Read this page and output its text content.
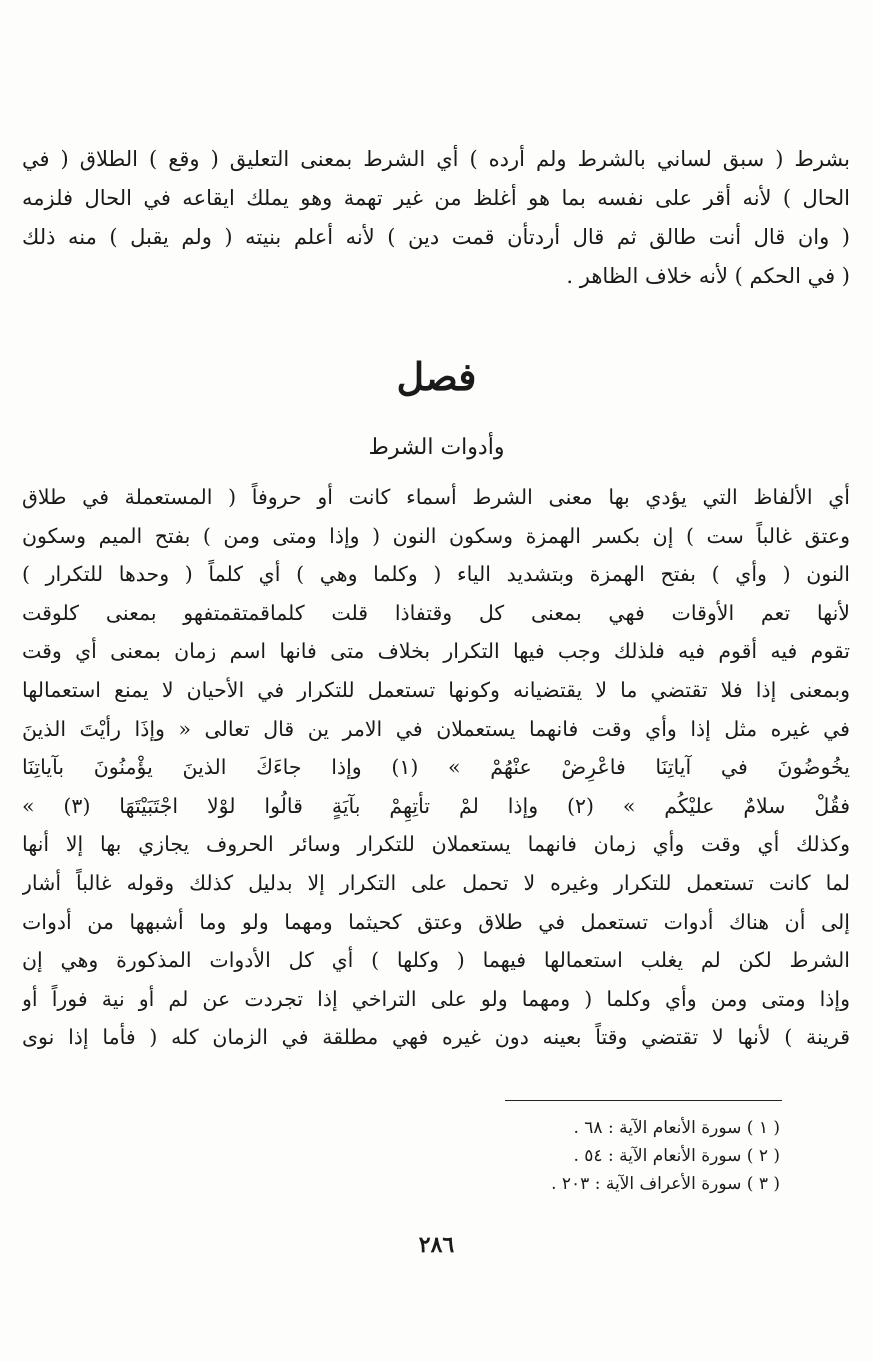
بشرط ( سبق لساني بالشرط ولم أرده ) أي الشرط بمعنى التعليق ( وقع ) الطلاق ( في
الحال ) لأنه أقر على نفسه بما هو أغلظ من غير تهمة وهو يملك ايقاعه في الحال فلزمه
( وان قال أنت طالق ثم قال أردتأن قمت دين ) لأنه أعلم بنيته ( ولم يقبل ) منه ذلك
( في الحكم ) لأنه خلاف الظاهر .
فصل
وأدوات الشرط
أي الألفاظ التي يؤدي بها معنى الشرط أسماء كانت أو حروفاً ( المستعملة في طلاق
وعتق غالباً ست ) إن بكسر الهمزة وسكون النون ( وإذا ومتى ومن ) بفتح الميم وسكون
النون ( وأي ) بفتح الهمزة وبتشديد الياء ( وكلما وهي ) أي كلماً ( وحدها للتكرار )
لأنها تعم الأوقات فهي بمعنى كل وقتفاذا قلت كلماقمتقمتفهو بمعنى كلوقت
تقوم فيه أقوم فيه فلذلك وجب فيها التكرار بخلاف متى فانها اسم زمان بمعنى أي وقت
وبمعنى إذا فلا تقتضي ما لا يقتضيانه وكونها تستعمل للتكرار في الأحيان لا يمنع استعمالها
في غيره مثل إذا وأي وقت فانهما يستعملان في الامر ين قال تعالى « وإذَا رأيْتَ الذينَ
يخُوضُونَ في آياتِنَا فاعْرِضْ عنْهُمْ » (١) وإذا جاءَكَ الذينَ يؤْمنُونَ بآياتِنَا
فقُلْ سلامٌ عليْكُم » (٢) وإذا لمْ تأتِهِمْ بآيَةٍ قالُوا لوْلا اجْتَبَيْتَهَا (٣) »
وكذلك أي وقت وأي زمان فانهما يستعملان للتكرار وسائر الحروف يجازي بها إلا أنها
لما كانت تستعمل للتكرار وغيره لا تحمل على التكرار إلا بدليل كذلك وقوله غالباً أشار
إلى أن هناك أدوات تستعمل في طلاق وعتق كحيثما ومهما ولو وما أشبهها من أدوات
الشرط لكن لم يغلب استعمالها فيهما ( وكلها ) أي كل الأدوات المذكورة وهي إن
وإذا ومتى ومن وأي وكلما ( ومهما ولو على التراخي إذا تجردت عن لم أو نية فوراً أو
قرينة ) لأنها لا تقتضي وقتاً بعينه دون غيره فهي مطلقة في الزمان كله ( فأما إذا نوى
( ١ ) سورة الأنعام الآية : ٦٨ .
( ٢ ) سورة الأنعام الآية : ٥٤ .
( ٣ ) سورة الأعراف الآية : ٢٠٣ .
٢٨٦
